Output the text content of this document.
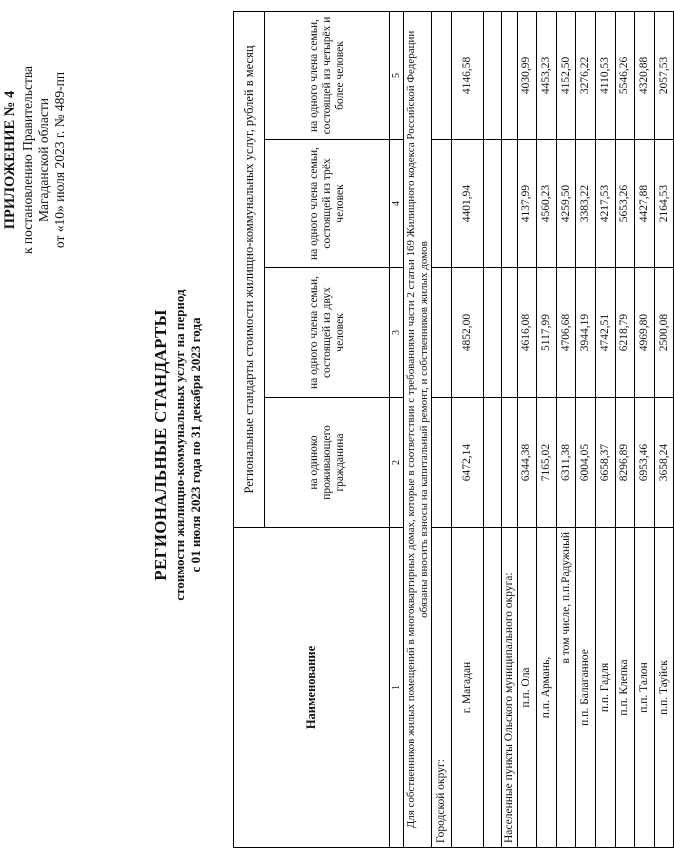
ПРИЛОЖЕНИЕ № 4 к постановлению Правительства Магаданской области от «10» июля 2023 г. № 489-пп
РЕГИОНАЛЬНЫЕ СТАНДАРТЫ стоимости жилищно-коммунальных услуг на период с 01 июля 2023 года по 31 декабря 2023 года
Наименование	Региональные стандарты стоимости жилищно-коммунальных услуг, рублей в месяц			
	на одиноко проживающего гражданина	на одного члена семьи, состоящей из двух человек	на одного члена семьи, состоящей из трёх человек	на одного члена семьи, состоящей из четырёх и более человек
1	2	3	4	5
Для собственников жилых помещений в многоквартирных домах, которые в соответствии с требованиями части 2 статьи 169 Жилищного кодекса Российской Федерации обязаны вносить взносы на капитальный ремонт, и собственников жилых домов				
Городской округ:				
г. Магадан	6472,14	4852,00	4401,94	4146,58

Населенные пункты Ольского муниципального округа:				
п.п. Ола	6344,38	4616,08	4137,99	4030,99
п.п. Армань,	7165,02	5117,99	4560,23	4453,23
в том числе, п.п.Радужный	6311,38	4706,68	4259,50	4152,50
п.п. Балаганное	6004,05	3944,19	3383,22	3276,22
п.п. Гадля	6658,37	4742,51	4217,53	4110,53
п.п. Клепка	8296,89	6218,79	5653,26	5546,26
п.п. Талон	6953,46	4969,80	4427,88	4320,88
п.п. Тауйск	3658,24	2500,08	2164,53	2057,53
